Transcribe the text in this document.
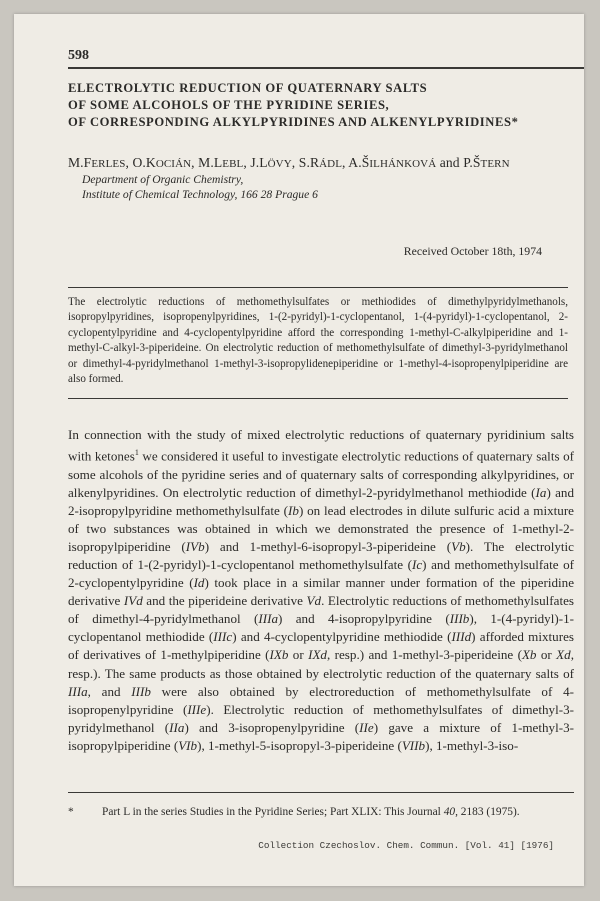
598
ELECTROLYTIC REDUCTION OF QUATERNARY SALTS
OF SOME ALCOHOLS OF THE PYRIDINE SERIES,
OF CORRESPONDING ALKYLPYRIDINES AND ALKENYLPYRIDINES*
M.FERLES, O.KOCIÁN, M.LEBL, J.LÖVY, S.RÁDL, A.ŠILHÁNKOVÁ and P.ŠTERN
Department of Organic Chemistry,
Institute of Chemical Technology, 166 28 Prague 6
Received October 18th, 1974
The electrolytic reductions of methomethylsulfates or methiodides of dimethylpyridylmethanols, isopropylpyridines, isopropenylpyridines, 1-(2-pyridyl)-1-cyclopentanol, 1-(4-pyridyl)-1-cyclopentanol, 2-cyclopentylpyridine and 4-cyclopentylpyridine afford the corresponding 1-methyl-C-alkylpiperidine and 1-methyl-C-alkyl-3-piperideine. On electrolytic reduction of methomethylsulfate of dimethyl-3-pyridylmethanol or dimethyl-4-pyridylmethanol 1-methyl-3-isopropylidenepiperidine or 1-methyl-4-isopropenylpiperidine are also formed.
In connection with the study of mixed electrolytic reductions of quaternary pyridinium salts with ketones$^1$ we considered it useful to investigate electrolytic reductions of quaternary salts of some alcohols of the pyridine series and of quaternary salts of corresponding alkylpyridines, or alkenylpyridines. On electrolytic reduction of dimethyl-2-pyridylmethanol methiodide (Ia) and 2-isopropylpyridine methomethylsulfate (Ib) on lead electrodes in dilute sulfuric acid a mixture of two substances was obtained in which we demonstrated the presence of 1-methyl-2-isopropylpiperidine (IVb) and 1-methyl-6-isopropyl-3-piperideine (Vb). The electrolytic reduction of 1-(2-pyridyl)-1-cyclopentanol methomethylsulfate (Ic) and methomethylsulfate of 2-cyclopentylpyridine (Id) took place in a similar manner under formation of the piperidine derivative IVd and the piperideine derivative Vd. Electrolytic reductions of methomethylsulfates of dimethyl-4-pyridylmethanol (IIIa) and 4-isopropylpyridine (IIIb), 1-(4-pyridyl)-1-cyclopentanol methiodide (IIIc) and 4-cyclopentylpyridine methiodide (IIId) afforded mixtures of derivatives of 1-methylpiperidine (IXb or IXd, resp.) and 1-methyl-3-piperideine (Xb or Xd, resp.). The same products as those obtained by electrolytic reduction of the quaternary salts of IIIa, and IIIb were also obtained by electroreduction of methomethylsulfate of 4-isopropenylpyridine (IIIe). Electrolytic reduction of methomethylsulfates of dimethyl-3-pyridylmethanol (IIa) and 3-isopropenylpyridine (IIe) gave a mixture of 1-methyl-3-isopropylpiperidine (VIb), 1-methyl-5-isopropyl-3-piperideine (VIIb), 1-methyl-3-iso-
* Part L in the series Studies in the Pyridine Series; Part XLIX: This Journal 40, 2183 (1975).
Collection Czechoslov. Chem. Commun. [Vol. 41] [1976]
